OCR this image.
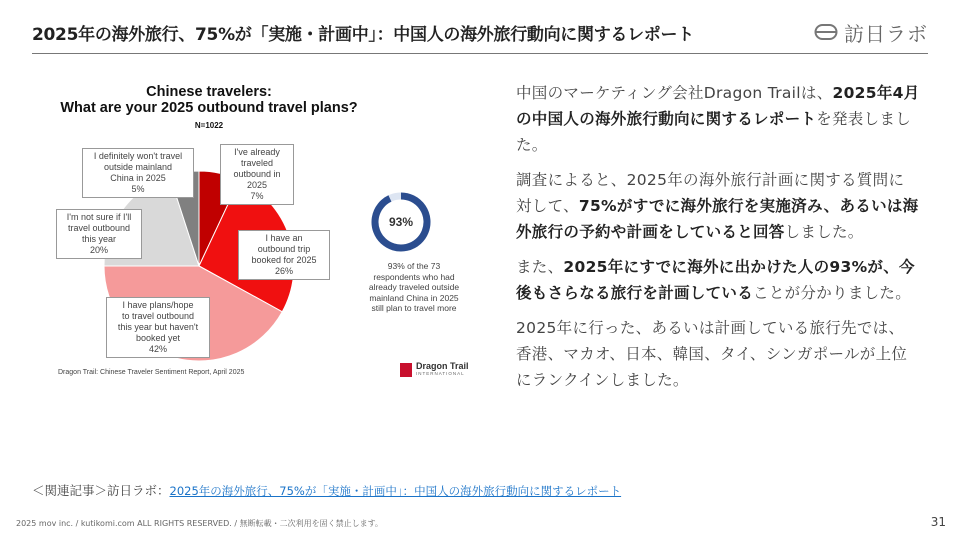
2025年の海外旅行、75%が「実施・計画中」：中国人の海外旅行動向に関するレポート	訪日ラボ
Chinese travelers:
What are your 2025 outbound travel plans?
N=1022
93%
I definitely won't travel
outside mainland
China in 2025
5%
I've already
traveled
outbound in 2025
7%
I'm not sure if I'll
travel outbound
this year
20%
I have an
outbound trip
booked for 2025
26%
I have plans/hope
to travel outbound
this year but haven't
booked yet
42%
93% of the 73
respondents who had
already traveled outside
mainland China in 2025
still plan to travel more
Dragon Trail: Chinese Traveler Sentiment Report, April 2025
Dragon Trail
INTERNATIONAL

中国のマーケティング会社Dragon Trailは、2025年4月の中国人の海外旅行動向に関するレポートを発表しました。

調査によると、2025年の海外旅行計画に関する質問に対して、75%がすでに海外旅行を実施済み、あるいは海外旅行の予約や計画をしていると回答しました。

また、2025年にすでに海外に出かけた人の93%が、今後もさらなる旅行を計画していることが分かりました。

2025年に行った、あるいは計画している旅行先では、香港、マカオ、日本、韓国、タイ、シンガポールが上位にランクインしました。

＜関連記事＞訪日ラボ：2025年の海外旅行、75%が「実施・計画中」：中国人の海外旅行動向に関するレポート
2025 mov inc. / kutikomi.com ALL RIGHTS RESERVED. / 無断転載・二次利用を固く禁止します。	31
